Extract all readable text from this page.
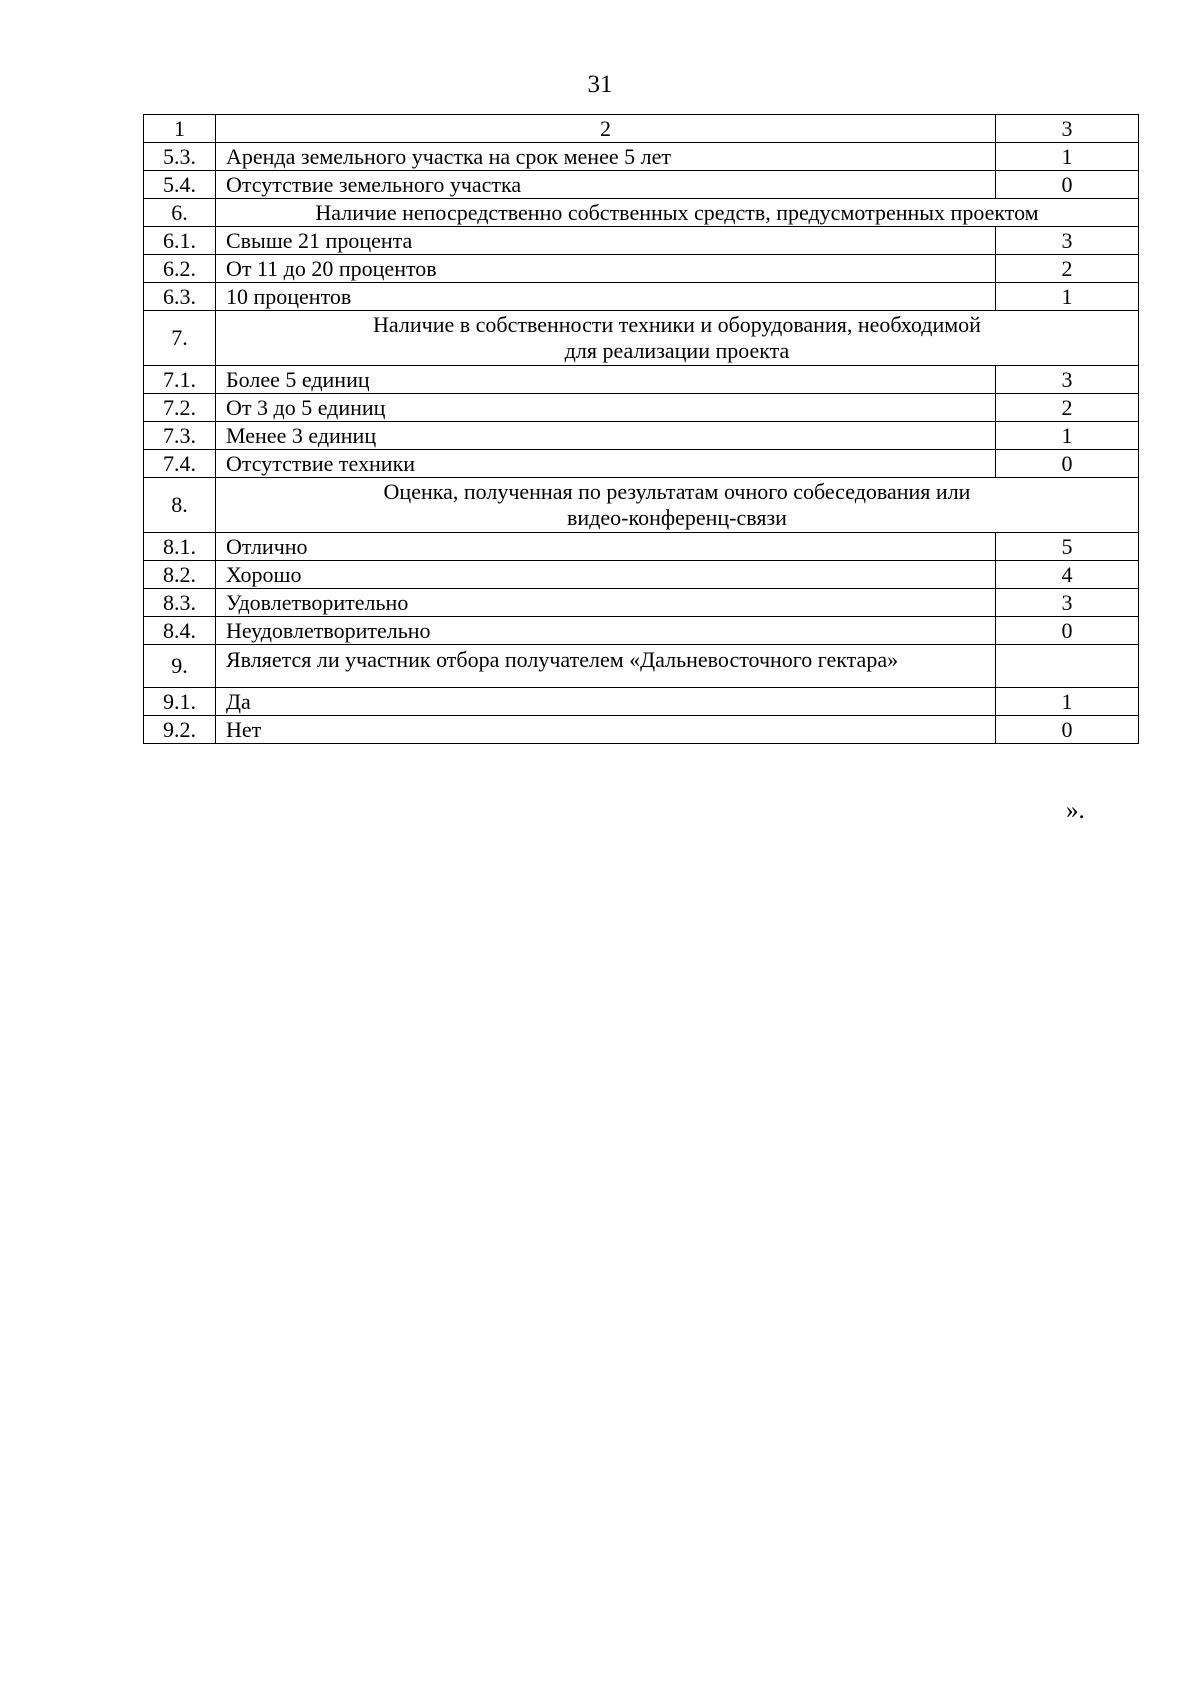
31
1	2	3
5.3.	Аренда земельного участка на срок менее 5 лет	1
5.4.	Отсутствие земельного участка	0
6.	Наличие непосредственно собственных средств, предусмотренных проектом	
6.1.	Свыше 21 процента	3
6.2.	От 11 до 20 процентов	2
6.3.	10 процентов	1
7.	Наличие в собственности техники и оборудования, необходимой
для реализации проекта	

7.1.	Более 5 единиц	3
7.2.	От 3 до 5 единиц	2
7.3.	Менее 3 единиц	1
7.4.	Отсутствие техники	0
8.	Оценка, полученная по результатам очного собеседования или
видео-конференц-связи	

8.1.	Отлично	5
8.2.	Хорошо	4
8.3.	Удовлетворительно	3
8.4.	Неудовлетворительно	0
9.	Является ли участник отбора получателем «Дальневосточного гектара»	
9.1.	Да	1
9.2.	Нет	0
».
